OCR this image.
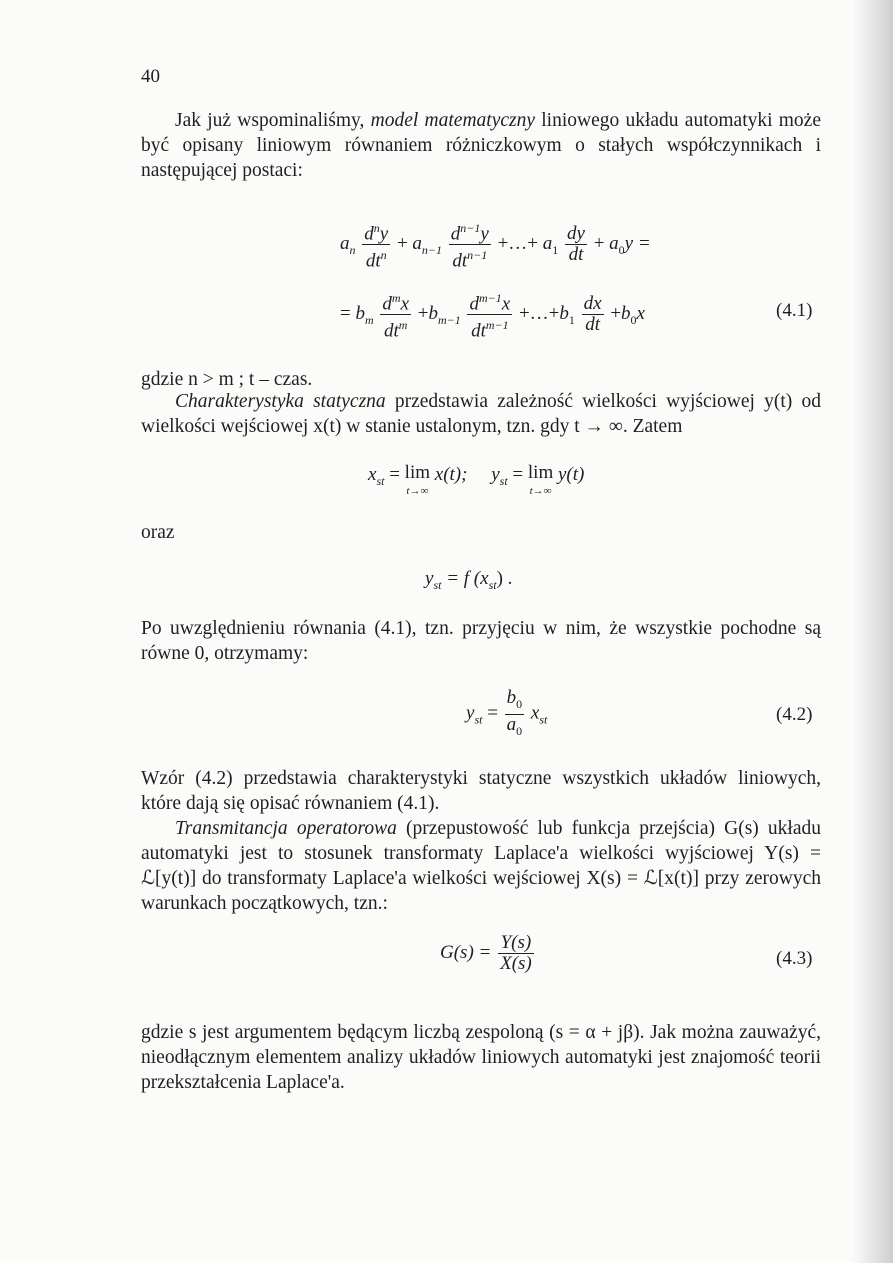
40

Jak już wspominaliśmy, model matematyczny liniowego układu automatyki może być opisany liniowym równaniem różniczkowym o stałych współczynnikach i następującej postaci:

$a_n \frac{d^ny}{dt^n} + a_{n-1} \frac{d^{n-1}y}{dt^{n-1}}$ +…+ $a_1 \frac{dy}{dt} + a_0y$ =
= $b_m \frac{d^mx}{dt^m} +b_{m-1} \frac{d^{m-1}x}{dt^{m-1}}$ $+\dots+b_1 \frac{dx}{dt} +b_0x$	(4.1)

gdzie n > m ; t – czas.

Charakterystyka statyczna przedstawia zależność wielkości wyjściowej y(t) od wielkości wejściowej x(t) w stanie ustalonym, tzn. gdy t → ∞. Zatem

$x_{st} = \lim$
t→∞
x(t); $y_{st} = \lim$
t→∞
y(t)

oraz

$y_{st} = f$ $(x_{st})$ .

Po uwzględnieniu równania (4.1), tzn. przyjęciu w nim, że wszystkie pochodne są równe 0, otrzymamy:

$y_{st} = \frac{b_0}{a_0} x_{st}$	(4.2)

Wzór (4.2) przedstawia charakterystyki statyczne wszystkich układów liniowych, które dają się opisać równaniem (4.1).

Transmitancja operatorowa (przepustowość lub funkcja przejścia) G(s) układu automatyki jest to stosunek transformaty Laplace'a wielkości wyjściowej Y(s) = ℒ[y(t)] do transformaty Laplace'a wielkości wejściowej X(s) = ℒ[x(t)] przy zerowych warunkach początkowych, tzn.:

$G(s) = \frac{Y(s)}{X(s)}$	(4.3)

gdzie s jest argumentem będącym liczbą zespoloną (s = α + jβ). Jak można zauważyć, nieodłącznym elementem analizy układów liniowych automatyki jest znajomość teorii przekształcenia Laplace'a.
